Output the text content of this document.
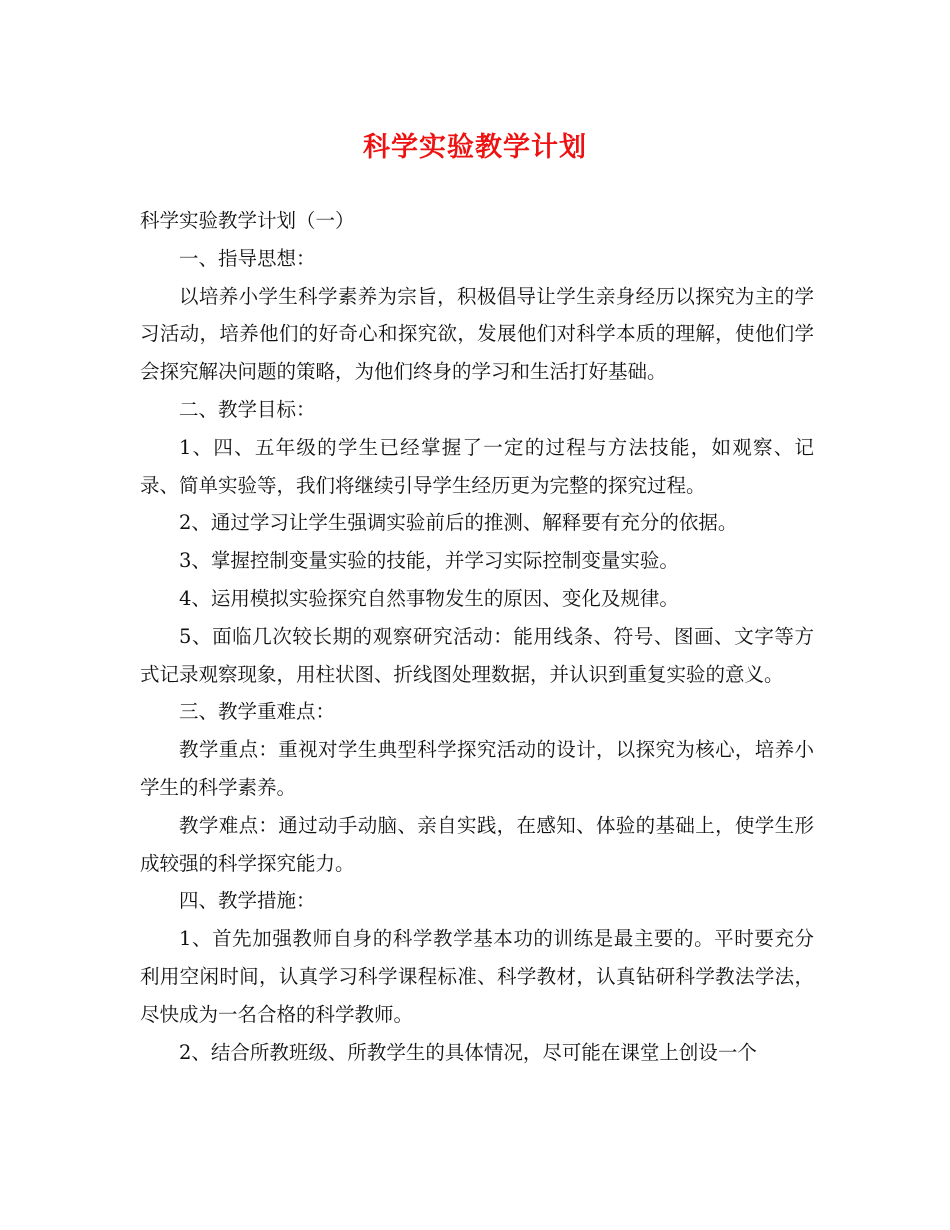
科学实验教学计划

科学实验教学计划（一）

一、指导思想：

以培养小学生科学素养为宗旨，积极倡导让学生亲身经历以探究为主的学习活动，培养他们的好奇心和探究欲，发展他们对科学本质的理解，使他们学会探究解决问题的策略，为他们终身的学习和生活打好基础。

二、教学目标：

1、四、五年级的学生已经掌握了一定的过程与方法技能，如观察、记录、简单实验等，我们将继续引导学生经历更为完整的探究过程。

2、通过学习让学生强调实验前后的推测、解释要有充分的依据。

3、掌握控制变量实验的技能，并学习实际控制变量实验。

4、运用模拟实验探究自然事物发生的原因、变化及规律。

5、面临几次较长期的观察研究活动：能用线条、符号、图画、文字等方式记录观察现象，用柱状图、折线图处理数据，并认识到重复实验的意义。

三、教学重难点：

教学重点：重视对学生典型科学探究活动的设计，以探究为核心，培养小学生的科学素养。

教学难点：通过动手动脑、亲自实践，在感知、体验的基础上，使学生形成较强的科学探究能力。

四、教学措施：

1、首先加强教师自身的科学教学基本功的训练是最主要的。平时要充分利用空闲时间，认真学习科学课程标准、科学教材，认真钻研科学教法学法，尽快成为一名合格的科学教师。

2、结合所教班级、所教学生的具体情况，尽可能在课堂上创设一个
